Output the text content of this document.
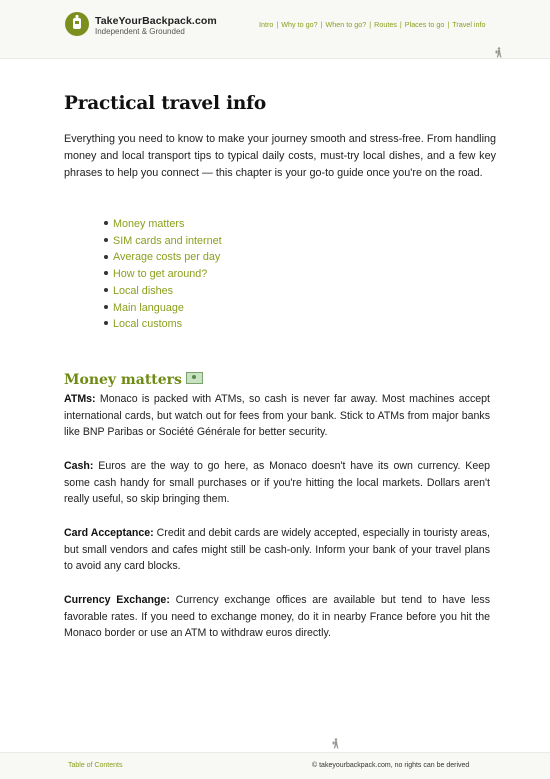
TakeYourBackpack.com
Independent & Grounded
Intro | Why to go? | When to go? | Routes | Places to go | Travel info
Practical travel info

Everything you need to know to make your journey smooth and stress-free. From handling money and local transport tips to typical daily costs, must-try local dishes, and a few key phrases to help you connect — this chapter is your go-to guide once you're on the road.

Money matters
SIM cards and internet
Average costs per day
How to get around?
Local dishes
Main language
Local customs
Money matters

ATMs: Monaco is packed with ATMs, so cash is never far away. Most machines accept international cards, but watch out for fees from your bank. Stick to ATMs from major banks like BNP Paribas or Société Générale for better security.

Cash: Euros are the way to go here, as Monaco doesn't have its own currency. Keep some cash handy for small purchases or if you're hitting the local markets. Dollars aren't really useful, so skip bringing them.

Card Acceptance: Credit and debit cards are widely accepted, especially in touristy areas, but small vendors and cafes might still be cash-only. Inform your bank of your travel plans to avoid any card blocks.

Currency Exchange: Currency exchange offices are available but tend to have less favorable rates. If you need to exchange money, do it in nearby France before you hit the Monaco border or use an ATM to withdraw euros directly.

Table of Contents	© takeyourbackpack.com, no rights can be derived
